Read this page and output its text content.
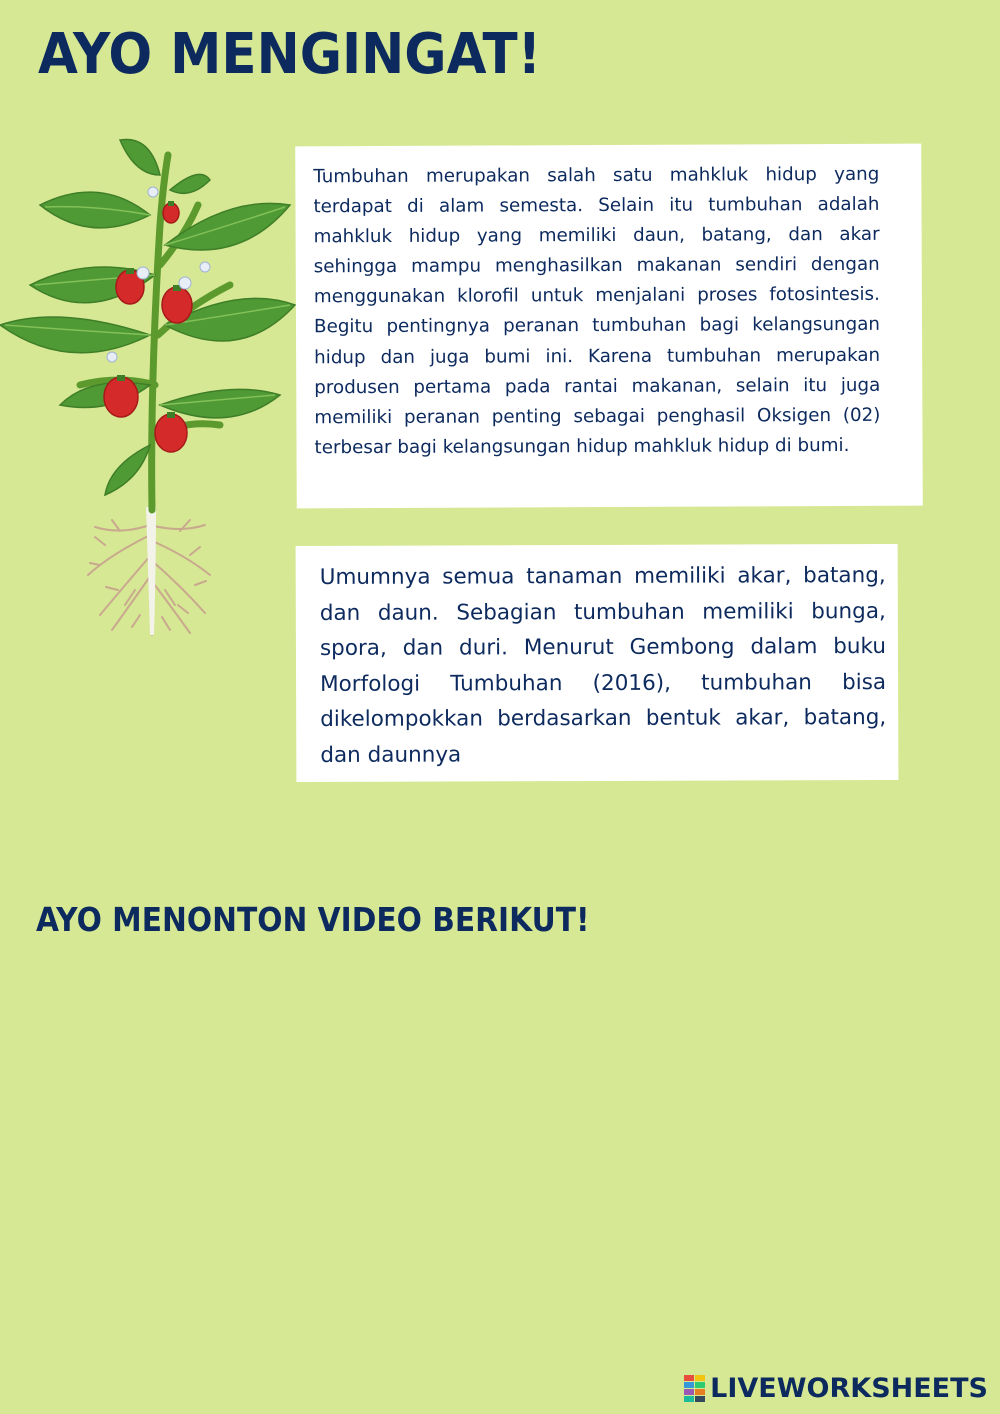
AYO MENGINGAT!

Tumbuhan merupakan salah satu mahkluk hidup yang terdapat di alam semesta. Selain itu tumbuhan adalah mahkluk hidup yang memiliki daun, batang, dan akar sehingga mampu menghasilkan makanan sendiri dengan menggunakan klorofil untuk menjalani proses fotosintesis. Begitu pentingnya peranan tumbuhan bagi kelangsungan hidup dan juga bumi ini. Karena tumbuhan merupakan produsen pertama pada rantai makanan, selain itu juga memiliki peranan penting sebagai penghasil Oksigen (02) terbesar bagi kelangsungan hidup mahkluk hidup di bumi.

Umumnya semua tanaman memiliki akar, batang, dan daun. Sebagian tumbuhan memiliki bunga, spora, dan duri. Menurut Gembong dalam buku Morfologi Tumbuhan (2016), tumbuhan bisa dikelompokkan berdasarkan bentuk akar, batang, dan daunnya

AYO MENONTON VIDEO BERIKUT!
LIVEWORKSHEETS
